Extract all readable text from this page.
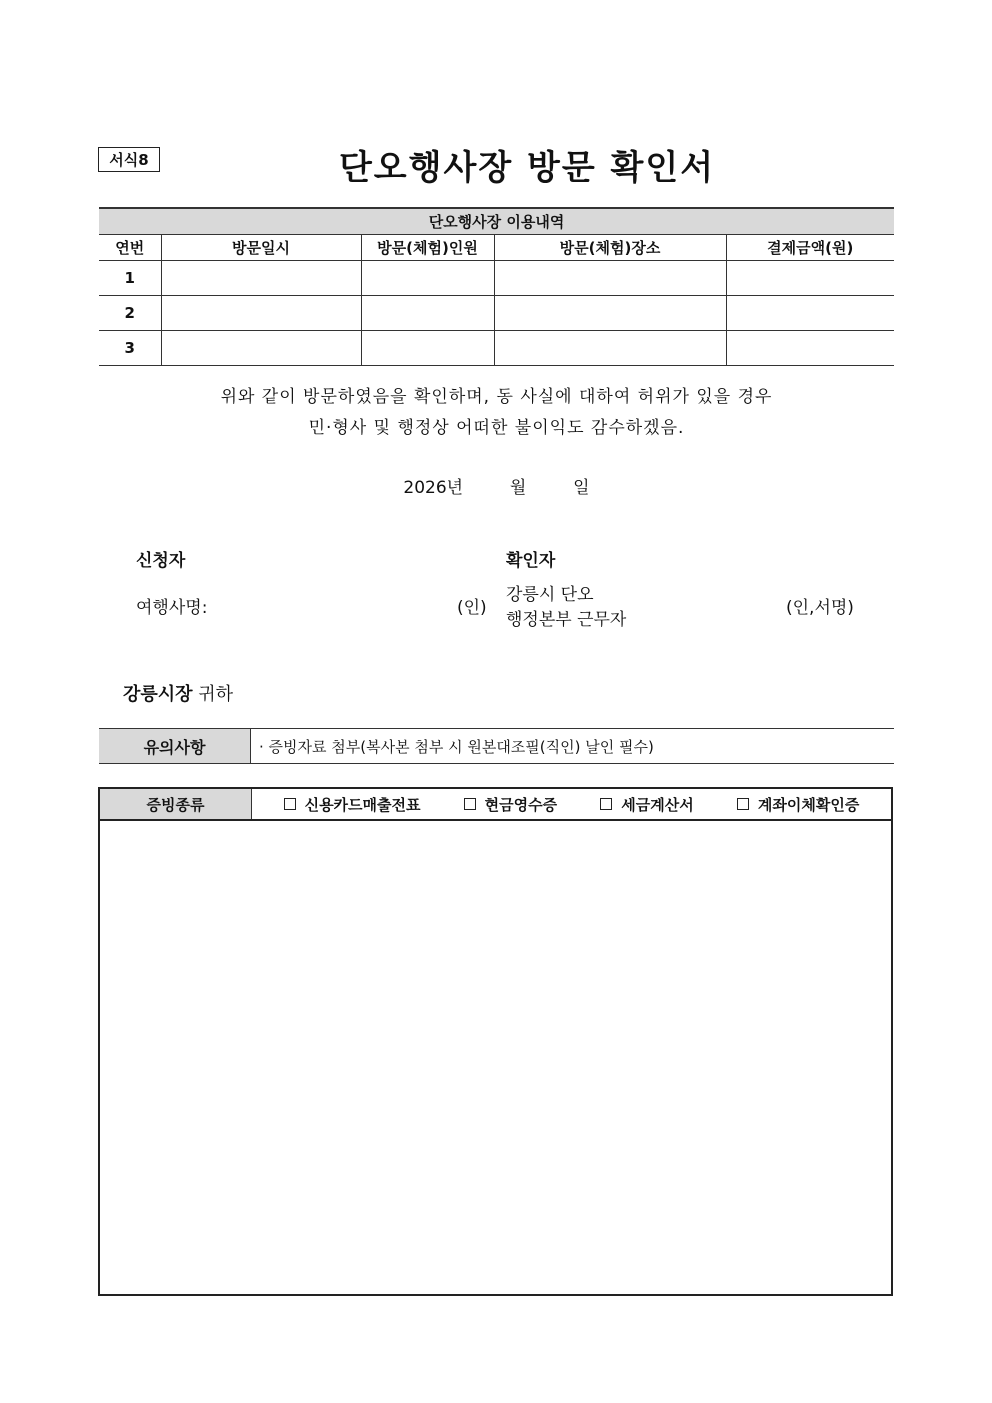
서식8	단오행사장 방문 확인서
단오행사장 이용내역				
연번	방문일시	방문(체험)인원	방문(체험)장소	결제금액(원)
1				
2				
3				
위와 같이 방문하였음을 확인하며, 동 사실에 대하여 허위가 있을 경우
민·형사 및 행정상 어떠한 불이익도 감수하겠음.
2026년	월	일
신청자
여행사명:	(인)
확인자
강릉시 단오
행정본부 근무자
(인,서명)
강릉시장 귀하
유의사항	· 증빙자료 첨부(복사본 첨부 시 원본대조필(직인) 날인 필수)
증빙종류	신용카드매출전표	현금영수증	세금계산서	계좌이체확인증
